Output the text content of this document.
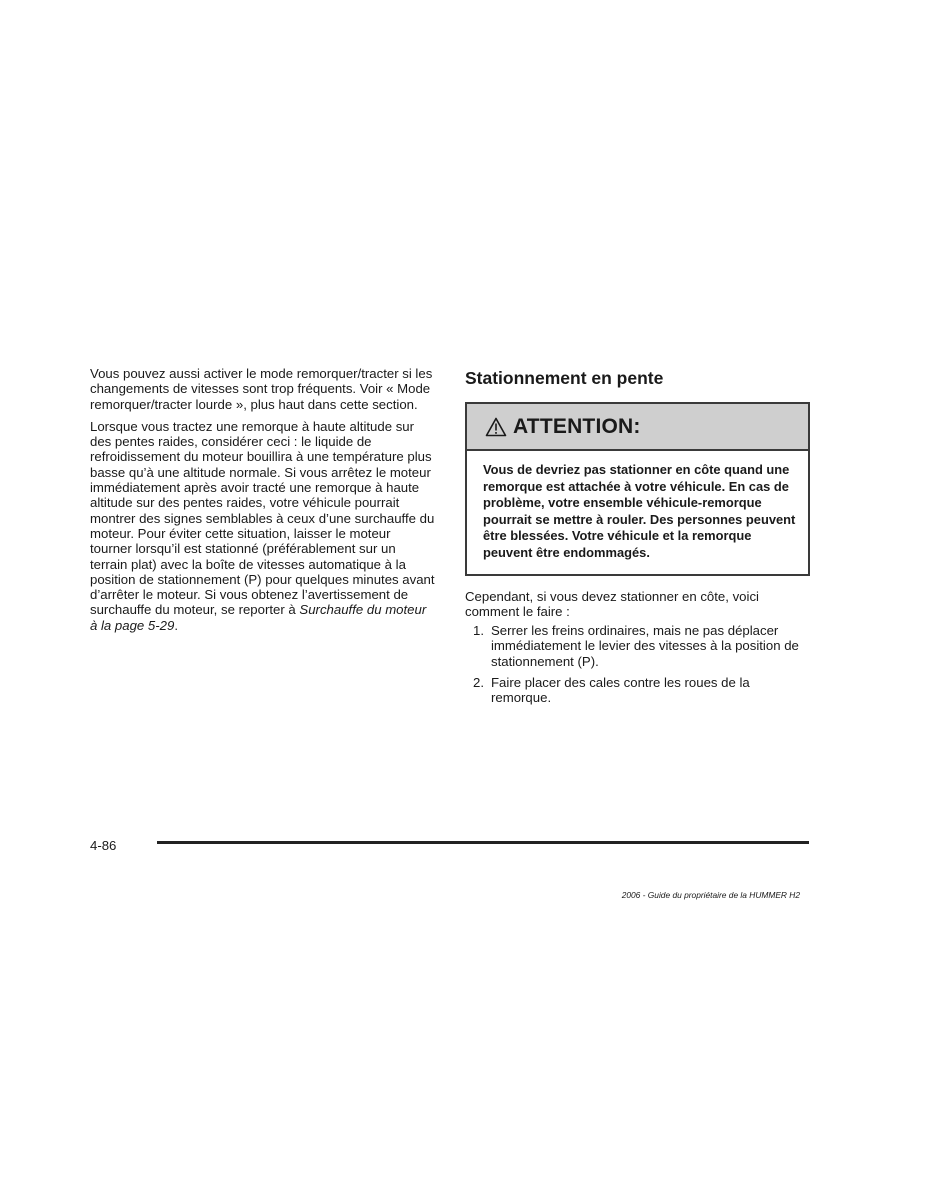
Vous pouvez aussi activer le mode remorquer/tracter si les changements de vitesses sont trop fréquents. Voir « Mode remorquer/tracter lourde », plus haut dans cette section.

Lorsque vous tractez une remorque à haute altitude sur des pentes raides, considérer ceci : le liquide de refroidissement du moteur bouillira à une température plus basse qu’à une altitude normale. Si vous arrêtez le moteur immédiatement après avoir tracté une remorque à haute altitude sur des pentes raides, votre véhicule pourrait montrer des signes semblables à ceux d’une surchauffe du moteur. Pour éviter cette situation, laisser le moteur tourner lorsqu’il est stationné (préférablement sur un terrain plat) avec la boîte de vitesses automatique à la position de stationnement (P) pour quelques minutes avant d’arrêter le moteur. Si vous obtenez l’avertissement de surchauffe du moteur, se reporter à Surchauffe du moteur à la page 5-29.

Stationnement en pente
ATTENTION:
Vous de devriez pas stationner en côte quand une remorque est attachée à votre véhicule. En cas de problème, votre ensemble véhicule-remorque pourrait se mettre à rouler. Des personnes peuvent être blessées. Votre véhicule et la remorque peuvent être endommagés.

Cependant, si vous devez stationner en côte, voici comment le faire :

1. Serrer les freins ordinaires, mais ne pas déplacer immédiatement le levier des vitesses à la position de stationnement (P).
2. Faire placer des cales contre les roues de la remorque.
4-86
2006 - Guide du propriétaire de la HUMMER H2
